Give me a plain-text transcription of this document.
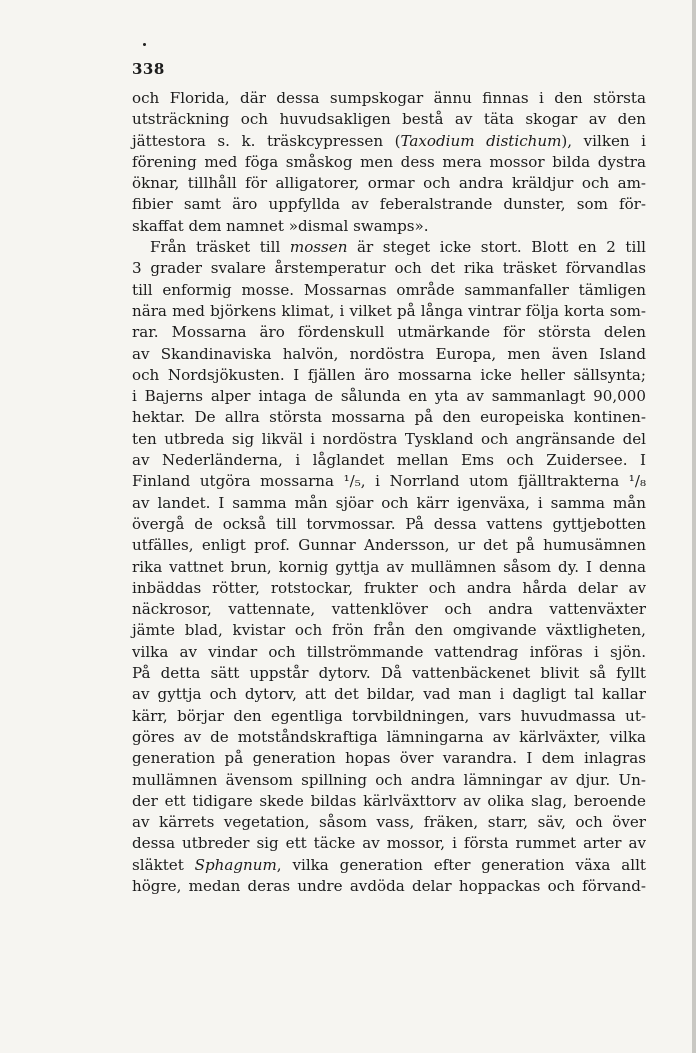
338
och Florida, där dessa sumpskogar ännu finnas i den största
utsträckning och huvudsakligen bestå av täta skogar av den
jättestora s. k. träskcypressen (Taxodium distichum), vilken i
förening med föga småskog men dess mera mossor bilda dystra
öknar, tillhåll för alligatorer, ormar och andra kräldjur och am-
fibier samt äro uppfyllda av feberalstrande dunster, som för-
skaffat dem namnet »dismal swamps».
Från träsket till mossen är steget icke stort. Blott en 2 till
3 grader svalare årstemperatur och det rika träsket förvandlas
till enformig mosse. Mossarnas område sammanfaller tämligen
nära med björkens klimat, i vilket på långa vintrar följa korta som-
rar. Mossarna äro fördenskull utmärkande för största delen
av Skandinaviska halvön, nordöstra Europa, men även Island
och Nordsjökusten. I fjällen äro mossarna icke heller sällsynta;
i Bajerns alper intaga de sålunda en yta av sammanlagt 90,000
hektar. De allra största mossarna på den europeiska kontinen-
ten utbreda sig likväl i nordöstra Tyskland och angränsande del
av Nederländerna, i låglandet mellan Ems och Zuidersee. I
Finland utgöra mossarna ¹/₅, i Norrland utom fjälltrakterna ¹/₈
av landet. I samma mån sjöar och kärr igenväxa, i samma mån
övergå de också till torvmossar. På dessa vattens gyttjebotten
utfälles, enligt prof. Gunnar Andersson, ur det på humusämnen
rika vattnet brun, kornig gyttja av mullämnen såsom dy. I denna
inbäddas rötter, rotstockar, frukter och andra hårda delar av
näckrosor, vattennate, vattenklöver och andra vattenväxter
jämte blad, kvistar och frön från den omgivande växtligheten,
vilka av vindar och tillströmmande vattendrag införas i sjön.
På detta sätt uppstår dytorv. Då vattenbäckenet blivit så fyllt
av gyttja och dytorv, att det bildar, vad man i dagligt tal kallar
kärr, börjar den egentliga torvbildningen, vars huvudmassa ut-
göres av de motståndskraftiga lämningarna av kärlväxter, vilka
generation på generation hopas över varandra. I dem inlagras
mullämnen ävensom spillning och andra lämningar av djur. Un-
der ett tidigare skede bildas kärlväxttorv av olika slag, beroende
av kärrets vegetation, såsom vass, fräken, starr, säv, och över
dessa utbreder sig ett täcke av mossor, i första rummet arter av
släktet Sphagnum, vilka generation efter generation växa allt
högre, medan deras undre avdöda delar hoppackas och förvand-
